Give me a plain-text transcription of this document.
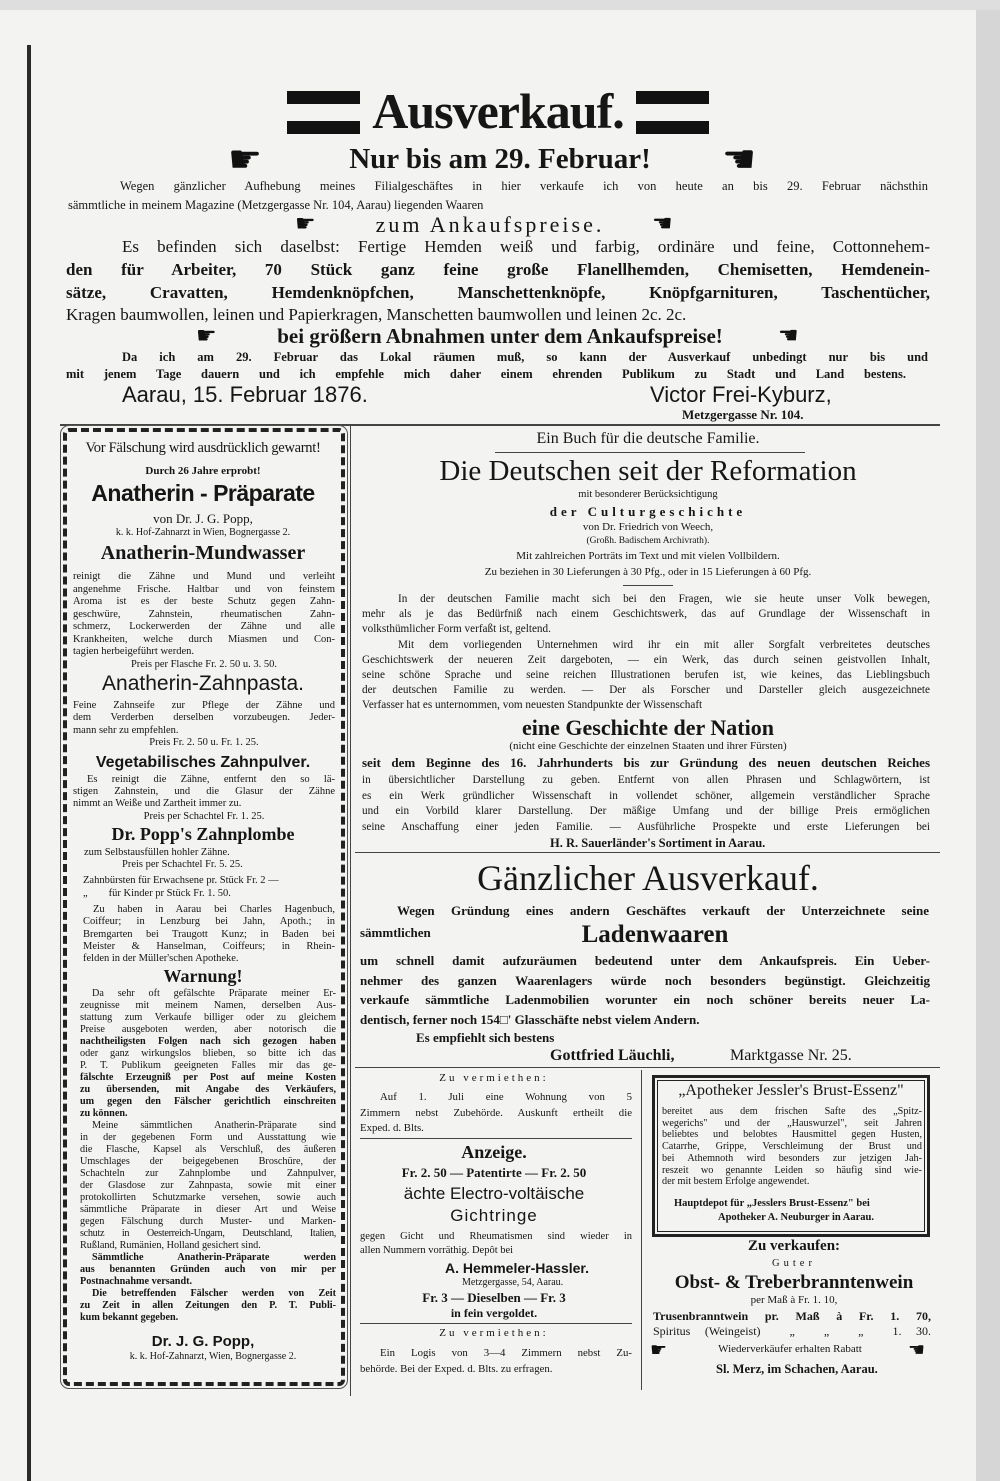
Ausverkauf.
☛	☚
Nur bis am 29. Februar!
Wegen gänzlicher Aufhebung meines Filialgeschäftes in hier verkaufe ich von heute an bis 29. Februar nächsthin
sämmtliche in meinem Magazine (Metzgergasse Nr. 104, Aarau) liegenden Waaren
☛	zum Ankaufspreise.	☚
Es befinden sich daselbst: Fertige Hemden weiß und farbig, ordinäre und feine, Cottonnehem-
den für Arbeiter, 70 Stück ganz feine große Flanellhemden, Chemisetten, Hemdenein-
sätze, Cravatten, Hemdenknöpfchen, Manschettenknöpfe, Knöpfgarnituren, Taschentücher,
Kragen baumwollen, leinen und Papierkragen, Manschetten baumwollen und leinen 2c. 2c.
☛	bei größern Abnahmen unter dem Ankaufspreise!	☚
Da ich am 29. Februar das Lokal räumen muß, so kann der Ausverkauf unbedingt nur bis und
mit jenem Tage dauern und ich empfehle mich daher einem ehrenden Publikum zu Stadt und Land bestens.
Aarau, 15. Februar 1876.	Victor Frei-Kyburz,
Metzgergasse Nr. 104.
Vor Fälschung wird ausdrücklich gewarnt!
Durch 26 Jahre erprobt!
Anatherin - Präparate
von Dr. J. G. Popp,
k. k. Hof-Zahnarzt in Wien, Bognergasse 2.
Anatherin-Mundwasser
reinigt die Zähne und Mund und verleiht
angenehme Frische. Haltbar und von feinstem
Aroma ist es der beste Schutz gegen Zahn-
geschwüre, Zahnstein, rheumatischen Zahn-
schmerz, Lockerwerden der Zähne und alle
Krankheiten, welche durch Miasmen und Con-
tagien herbeigeführt werden.
Preis per Flasche Fr. 2. 50 u. 3. 50.
Anatherin-Zahnpasta.
Feine Zahnseife zur Pflege der Zähne und
dem Verderben derselben vorzubeugen. Jeder-
mann sehr zu empfehlen.
Preis Fr. 2. 50 u. Fr. 1. 25.
Vegetabilisches Zahnpulver.
Es reinigt die Zähne, entfernt den so lä-
stigen Zahnstein, und die Glasur der Zähne
nimmt an Weiße und Zartheit immer zu.
Preis per Schachtel Fr. 1. 25.
Dr. Popp's Zahnplombe
zum Selbstausfüllen hohler Zähne.
Preis per Schachtel Fr. 5. 25.
Zahnbürsten für Erwachsene pr. Stück Fr. 2 —
„        für Kinder pr Stück Fr. 1. 50.
Zu haben in Aarau bei Charles Hagenbuch,
Coiffeur; in Lenzburg bei Jahn, Apoth.; in
Bremgarten bei Traugott Kunz; in Baden bei
Meister & Hanselman, Coiffeurs; in Rhein-
felden in der Müller'schen Apotheke.
Warnung!
Da sehr oft gefälschte Präparate meiner Er-
zeugnisse mit meinem Namen, derselben Aus-
stattung zum Verkaufe billiger oder zu gleichem
Preise ausgeboten werden, aber notorisch die
nachtheiligsten Folgen nach sich gezogen haben
oder ganz wirkungslos blieben, so bitte ich das
P. T. Publikum geeigneten Falles mir das ge-
fälschte Erzeugniß per Post auf meine Kosten
zu übersenden, mit Angabe des Verkäufers,
um gegen den Fälscher gerichtlich einschreiten
zu können.
Meine sämmtlichen Anatherin-Präparate sind
in der gegebenen Form und Ausstattung wie
die Flasche, Kapsel als Verschluß, des äußeren
Umschlages der beigegebenen Broschüre, der
Schachteln zur Zahnplombe und Zahnpulver,
der Glasdose zur Zahnpasta, sowie mit einer
protokollirten Schutzmarke versehen, sowie auch
sämmtliche Präparate in dieser Art und Weise
gegen Fälschung durch Muster- und Marken-
schutz in Oesterreich-Ungarn, Deutschland, Italien,
Rußland, Rumänien, Holland gesichert sind.
Sämmtliche Anatherin-Präparate werden
aus benannten Gründen auch von mir per
Postnachnahme versandt.
Die betreffenden Fälscher werden von Zeit
zu Zeit in allen Zeitungen den P. T. Publi-
kum bekannt gegeben.
Dr. J. G. Popp,
k. k. Hof-Zahnarzt, Wien, Bognergasse 2.
Ein Buch für die deutsche Familie.
Die Deutschen seit der Reformation
mit besonderer Berücksichtigung
der Culturgeschichte
von Dr. Friedrich von Weech,
(Großh. Badischem Archivrath).
Mit zahlreichen Porträts im Text und mit vielen Vollbildern.
Zu beziehen in 30 Lieferungen à 30 Pfg., oder in 15 Lieferungen à 60 Pfg.
In der deutschen Familie macht sich bei den Fragen, wie sie heute unser Volk bewegen,
mehr als je das Bedürfniß nach einem Geschichtswerk, das auf Grundlage der Wissenschaft in
volksthümlicher Form verfaßt ist, geltend.
Mit dem vorliegenden Unternehmen wird ihr ein mit aller Sorgfalt verbreitetes deutsches
Geschichtswerk der neueren Zeit dargeboten, — ein Werk, das durch seinen geistvollen Inhalt,
seine schöne Sprache und seine reichen Illustrationen berufen ist, wie keines, das Lieblingsbuch
der deutschen Familie zu werden. — Der als Forscher und Darsteller gleich ausgezeichnete
Verfasser hat es unternommen, vom neuesten Standpunkte der Wissenschaft
eine Geschichte der Nation
(nicht eine Geschichte der einzelnen Staaten und ihrer Fürsten)
seit dem Beginne des 16. Jahrhunderts bis zur Gründung des neuen deutschen Reiches
in übersichtlicher Darstellung zu geben. Entfernt von allen Phrasen und Schlagwörtern, ist
es ein Werk gründlicher Wissenschaft in vollendet schöner, allgemein verständlicher Sprache
und ein Vorbild klarer Darstellung. Der mäßige Umfang und der billige Preis ermöglichen
seine Anschaffung einer jeden Familie. — Ausführliche Prospekte und erste Lieferungen bei
H. R. Sauerländer's Sortiment in Aarau.
Gänzlicher Ausverkauf.
Wegen Gründung eines andern Geschäftes verkauft der Unterzeichnete seine
sämmtlichen	Ladenwaaren
um schnell damit aufzuräumen bedeutend unter dem Ankaufspreis. Ein Ueber-
nehmer des ganzen Waarenlagers würde noch besonders begünstigt. Gleichzeitig
verkaufe sämmtliche Ladenmobilien worunter ein noch schöner bereits neuer La-
dentisch, ferner noch 154□' Glasschäfte nebst vielem Andern.
Es empfiehlt sich bestens
Gottfried Läuchli,	Marktgasse Nr. 25.
Zu vermiethen:
Auf 1. Juli eine Wohnung von 5
Zimmern nebst Zubehörde. Auskunft ertheilt die
Exped. d. Blts.
Anzeige.
Fr. 2. 50 — Patentirte — Fr. 2. 50
ächte Electro-voltäische
Gichtringe
gegen Gicht und Rheumatismen sind wieder in
allen Nummern vorräthig. Depôt bei
A. Hemmeler-Hassler.
Metzgergasse, 54, Aarau.
Fr. 3 — Dieselben — Fr. 3
in fein vergoldet.
Zu vermiethen:
Ein Logis von 3—4 Zimmern nebst Zu-
behörde. Bei der Exped. d. Blts. zu erfragen.
„Apotheker Jessler's Brust-Essenz"
bereitet aus dem frischen Safte des „Spitz-
wegerichs" und der „Hauswurzel", seit Jahren
beliebtes und belobtes Hausmittel gegen Husten,
Catarrhe, Grippe, Verschleimung der Brust und
bei Athemnoth wird besonders zur jetzigen Jah-
reszeit wo genannte Leiden so häufig sind wie-
der mit bestem Erfolge angewendet.
Hauptdepot für „Jesslers Brust-Essenz" bei
Apotheker A. Neuburger in Aarau.
Zu verkaufen:
Guter
Obst- & Treberbranntenwein
per Maß à Fr. 1. 10,
Trusenbranntwein pr. Maß à Fr. 1. 70,
Spiritus (Weingeist)  „  „  „  1. 30.
☛	Wiederverkäufer erhalten Rabatt	☚
Sl. Merz, im Schachen, Aarau.
